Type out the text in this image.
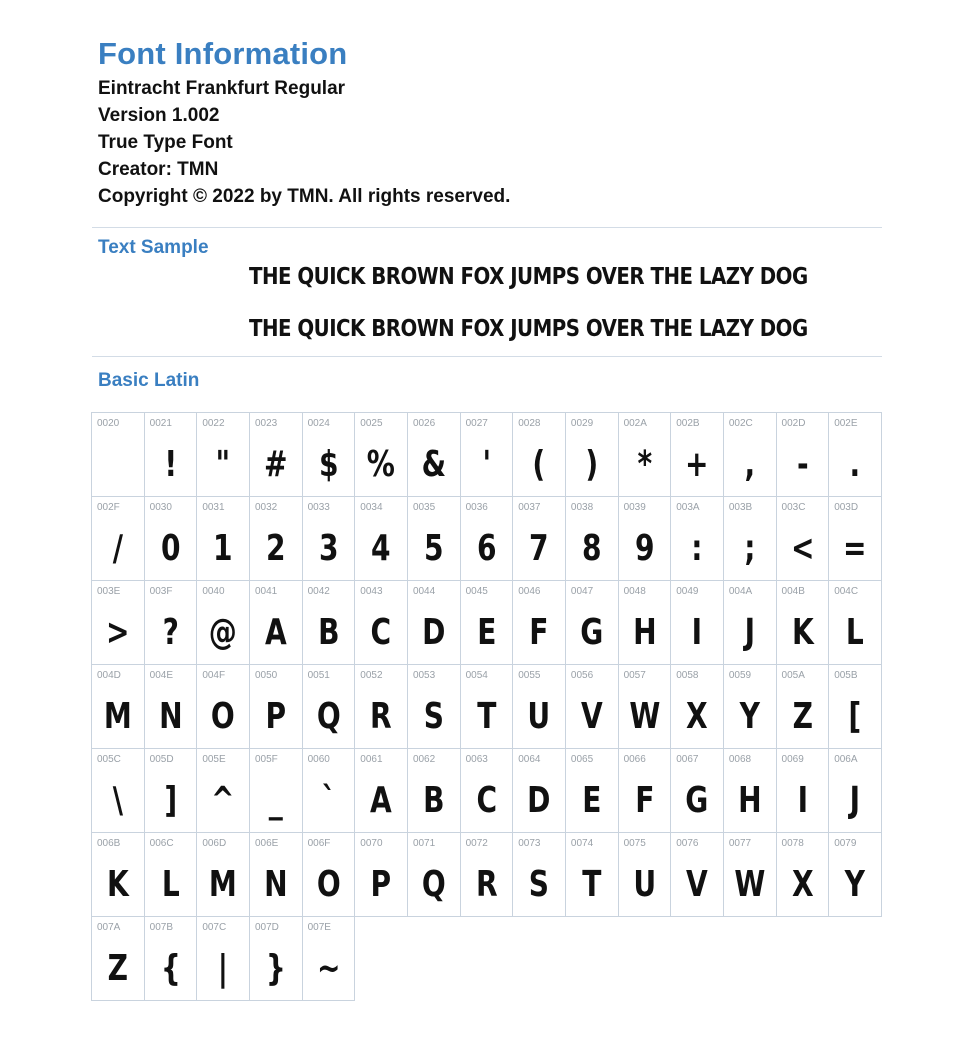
Font Information
Eintracht Frankfurt Regular
Version 1.002
True Type Font
Creator: TMN
Copyright © 2022 by TMN. All rights reserved.
Text Sample
THE QUICK BROWN FOX JUMPS OVER THE LAZY DOG
THE QUICK BROWN FOX JUMPS OVER THE LAZY DOG
Basic Latin
0020	0021
!
0022
"
0023
#
0024
$
0025
%
0026
&
0027
'
0028
(
0029
)
002A
*
002B
+
002C
,
002D
-
002E
.
002F
/
0030
0
0031
1
0032
2
0033
3
0034
4
0035
5
0036
6
0037
7
0038
8
0039
9
003A
:
003B
;
003C
<
003D
=
003E
>
003F
?
0040
@
0041
A
0042
B
0043
C
0044
D
0045
E
0046
F
0047
G
0048
H
0049
I
004A
J
004B
K
004C
L
004D
M
004E
N
004F
O
0050
P
0051
Q
0052
R
0053
S
0054
T
0055
U
0056
V
0057
W
0058
X
0059
Y
005A
Z
005B
[
005C
\
005D
]
005E
^
005F
_
0060
`
0061
A
0062
B
0063
C
0064
D
0065
E
0066
F
0067
G
0068
H
0069
I
006A
J
006B
K
006C
L
006D
M
006E
N
006F
O
0070
P
0071
Q
0072
R
0073
S
0074
T
0075
U
0076
V
0077
W
0078
X
0079
Y
007A
Z
007B
{
007C
|
007D
}
007E
~
